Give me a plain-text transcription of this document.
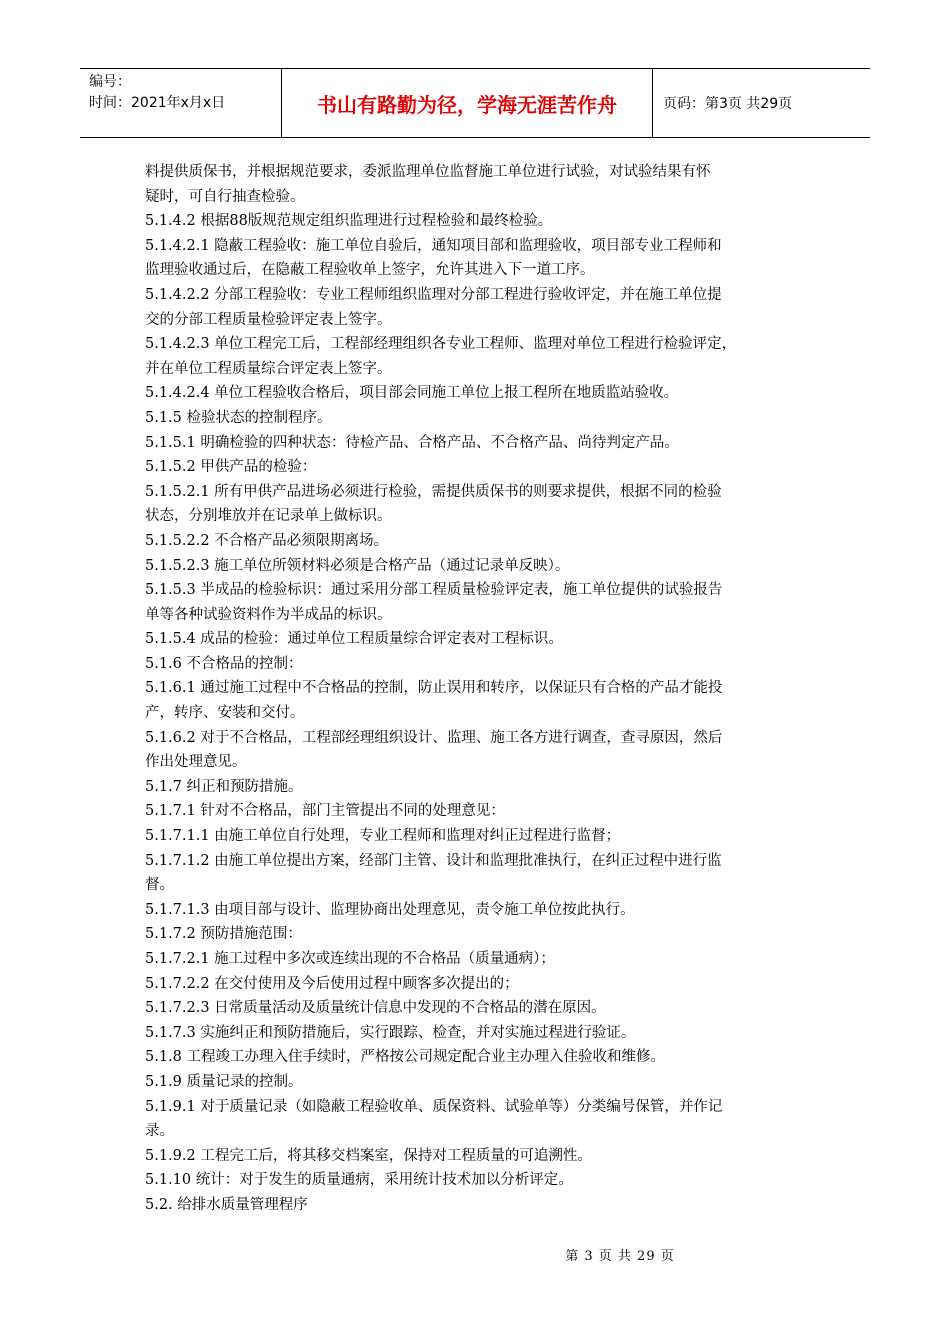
编号：
时间：2021年x月x日	书山有路勤为径，学海无涯苦作舟	页码：第3页 共29页

料提供质保书，并根据规范要求，委派监理单位监督施工单位进行试验，对试验结果有怀

疑时，可自行抽查检验。

5.1.4.2 根据88版规范规定组织监理进行过程检验和最终检验。

5.1.4.2.1 隐蔽工程验收：施工单位自验后，通知项目部和监理验收，项目部专业工程师和

监理验收通过后，在隐蔽工程验收单上签字，允许其进入下一道工序。

5.1.4.2.2 分部工程验收：专业工程师组织监理对分部工程进行验收评定，并在施工单位提

交的分部工程质量检验评定表上签字。

5.1.4.2.3 单位工程完工后，工程部经理组织各专业工程师、监理对单位工程进行检验评定，

并在单位工程质量综合评定表上签字。

5.1.4.2.4 单位工程验收合格后，项目部会同施工单位上报工程所在地质监站验收。

5.1.5 检验状态的控制程序。

5.1.5.1 明确检验的四种状态：待检产品、合格产品、不合格产品、尚待判定产品。

5.1.5.2 甲供产品的检验：

5.1.5.2.1 所有甲供产品进场必须进行检验，需提供质保书的则要求提供，根据不同的检验

状态，分别堆放并在记录单上做标识。

5.1.5.2.2 不合格产品必须限期离场。

5.1.5.2.3 施工单位所领材料必须是合格产品（通过记录单反映）。

5.1.5.3 半成品的检验标识：通过采用分部工程质量检验评定表，施工单位提供的试验报告

单等各种试验资料作为半成品的标识。

5.1.5.4 成品的检验：通过单位工程质量综合评定表对工程标识。

5.1.6 不合格品的控制：

5.1.6.1 通过施工过程中不合格品的控制，防止误用和转序，以保证只有合格的产品才能投

产，转序、安装和交付。

5.1.6.2 对于不合格品，工程部经理组织设计、监理、施工各方进行调查，查寻原因，然后

作出处理意见。

5.1.7 纠正和预防措施。

5.1.7.1 针对不合格品，部门主管提出不同的处理意见：

5.1.7.1.1 由施工单位自行处理，专业工程师和监理对纠正过程进行监督；

5.1.7.1.2 由施工单位提出方案，经部门主管、设计和监理批准执行，在纠正过程中进行监

督。

5.1.7.1.3 由项目部与设计、监理协商出处理意见，责令施工单位按此执行。

5.1.7.2 预防措施范围：

5.1.7.2.1 施工过程中多次或连续出现的不合格品（质量通病）；

5.1.7.2.2 在交付使用及今后使用过程中顾客多次提出的；

5.1.7.2.3 日常质量活动及质量统计信息中发现的不合格品的潜在原因。

5.1.7.3 实施纠正和预防措施后，实行跟踪、检查，并对实施过程进行验证。

5.1.8 工程竣工办理入住手续时，严格按公司规定配合业主办理入住验收和维修。

5.1.9 质量记录的控制。

5.1.9.1 对于质量记录（如隐蔽工程验收单、质保资料、试验单等）分类编号保管，并作记

录。

5.1.9.2 工程完工后，将其移交档案室，保持对工程质量的可追溯性。

5.1.10 统计：对于发生的质量通病，采用统计技术加以分析评定。

5.2. 给排水质量管理程序

第 3 页 共 29 页
